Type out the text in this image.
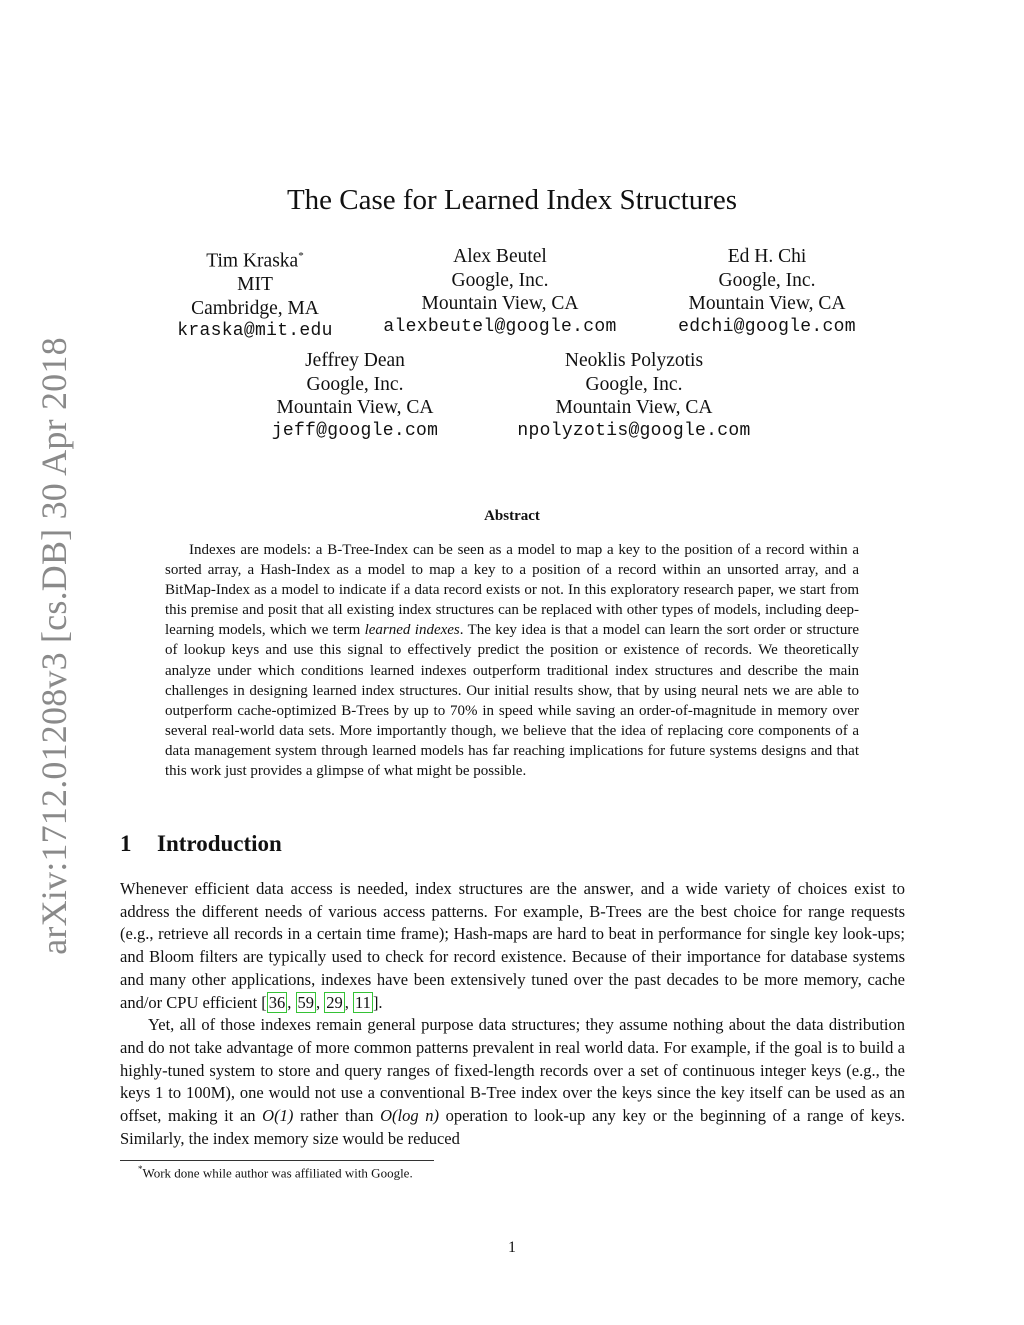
arXiv:1712.01208v3 [cs.DB] 30 Apr 2018
The Case for Learned Index Structures
Tim Kraska*
MIT
Cambridge, MA
kraska@mit.edu
Alex Beutel
Google, Inc.
Mountain View, CA
alexbeutel@google.com
Ed H. Chi
Google, Inc.
Mountain View, CA
edchi@google.com
Jeffrey Dean
Google, Inc.
Mountain View, CA
jeff@google.com
Neoklis Polyzotis
Google, Inc.
Mountain View, CA
npolyzotis@google.com
Abstract

Indexes are models: a B-Tree-Index can be seen as a model to map a key to the position of a record within a sorted array, a Hash-Index as a model to map a key to a position of a record within an unsorted array, and a BitMap-Index as a model to indicate if a data record exists or not. In this exploratory research paper, we start from this premise and posit that all existing index structures can be replaced with other types of models, including deep-learning models, which we term learned indexes. The key idea is that a model can learn the sort order or structure of lookup keys and use this signal to effectively predict the position or existence of records. We theoretically analyze under which conditions learned indexes outperform traditional index structures and describe the main challenges in designing learned index structures. Our initial results show, that by using neural nets we are able to outperform cache-optimized B-Trees by up to 70% in speed while saving an order-of-magnitude in memory over several real-world data sets. More importantly though, we believe that the idea of replacing core components of a data management system through learned models has far reaching implications for future systems designs and that this work just provides a glimpse of what might be possible.

1 Introduction

Whenever efficient data access is needed, index structures are the answer, and a wide variety of choices exist to address the different needs of various access patterns. For example, B-Trees are the best choice for range requests (e.g., retrieve all records in a certain time frame); Hash-maps are hard to beat in performance for single key look-ups; and Bloom filters are typically used to check for record existence. Because of their importance for database systems and many other applications, indexes have been extensively tuned over the past decades to be more memory, cache and/or CPU efficient [ 36 , 59 , 29 , 11 ].

Yet, all of those indexes remain general purpose data structures; they assume nothing about the data distribution and do not take advantage of more common patterns prevalent in real world data. For example, if the goal is to build a highly-tuned system to store and query ranges of fixed-length records over a set of continuous integer keys (e.g., the keys 1 to 100M), one would not use a conventional B-Tree index over the keys since the key itself can be used as an offset, making it an O(1) rather than O(log n) operation to look-up any key or the beginning of a range of keys. Similarly, the index memory size would be reduced

*Work done while author was affiliated with Google.
1
